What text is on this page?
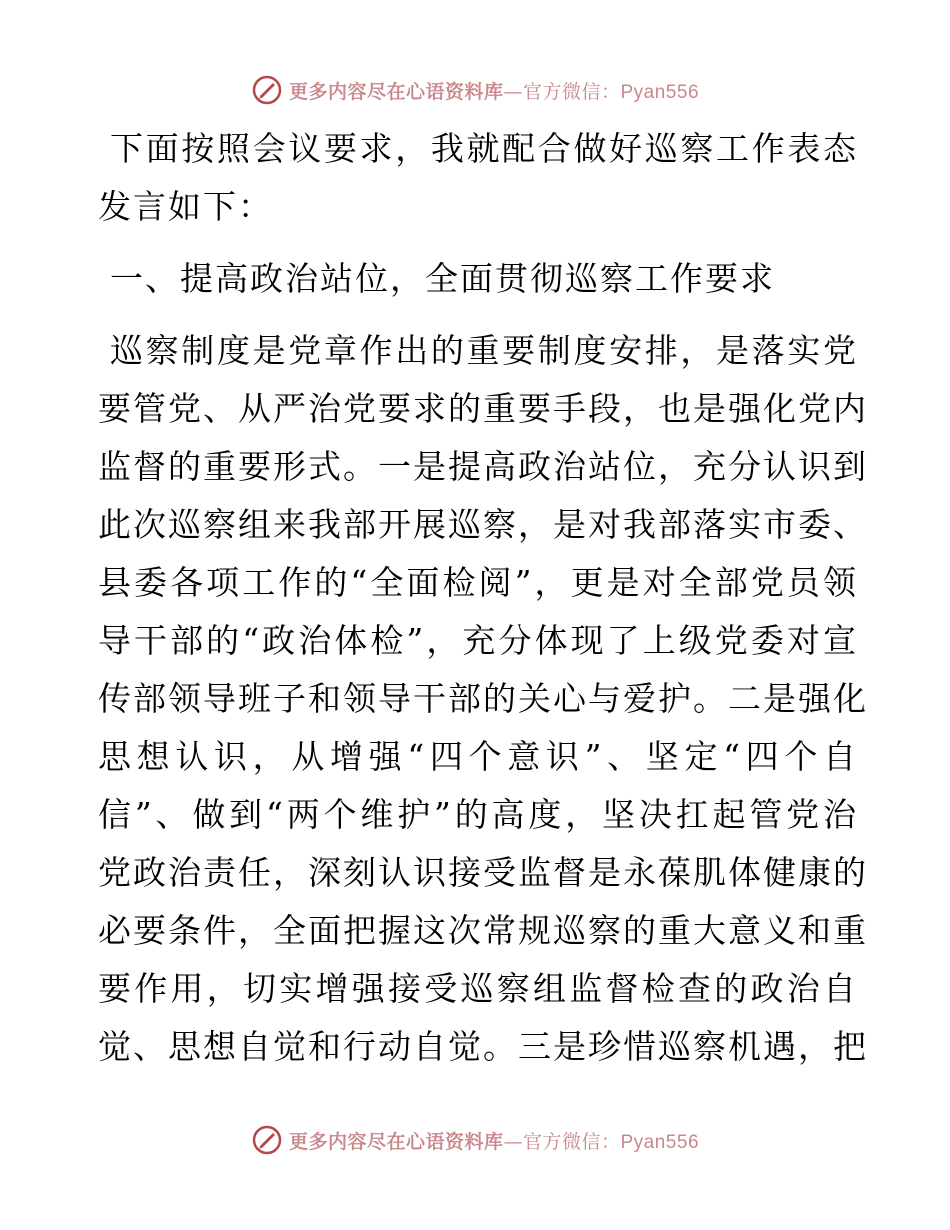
更多内容尽在心语资料库—官方微信：Pyan556
下面按照会议要求，我就配合做好巡察工作表态
发言如下：
一、提高政治站位，全面贯彻巡察工作要求
巡察制度是党章作出的重要制度安排，是落实党
要管党、从严治党要求的重要手段，也是强化党内
监督的重要形式。一是提高政治站位，充分认识到
此次巡察组来我部开展巡察，是对我部落实市委、
县委各项工作的“全面检阅”，更是对全部党员领
导干部的“政治体检”，充分体现了上级党委对宣
传部领导班子和领导干部的关心与爱护。二是强化
思想认识，从增强“四个意识”、坚定“四个自
信”、做到“两个维护”的高度，坚决扛起管党治
党政治责任，深刻认识接受监督是永葆肌体健康的
必要条件，全面把握这次常规巡察的重大意义和重
要作用，切实增强接受巡察组监督检查的政治自
觉、思想自觉和行动自觉。三是珍惜巡察机遇，把
更多内容尽在心语资料库—官方微信：Pyan556
